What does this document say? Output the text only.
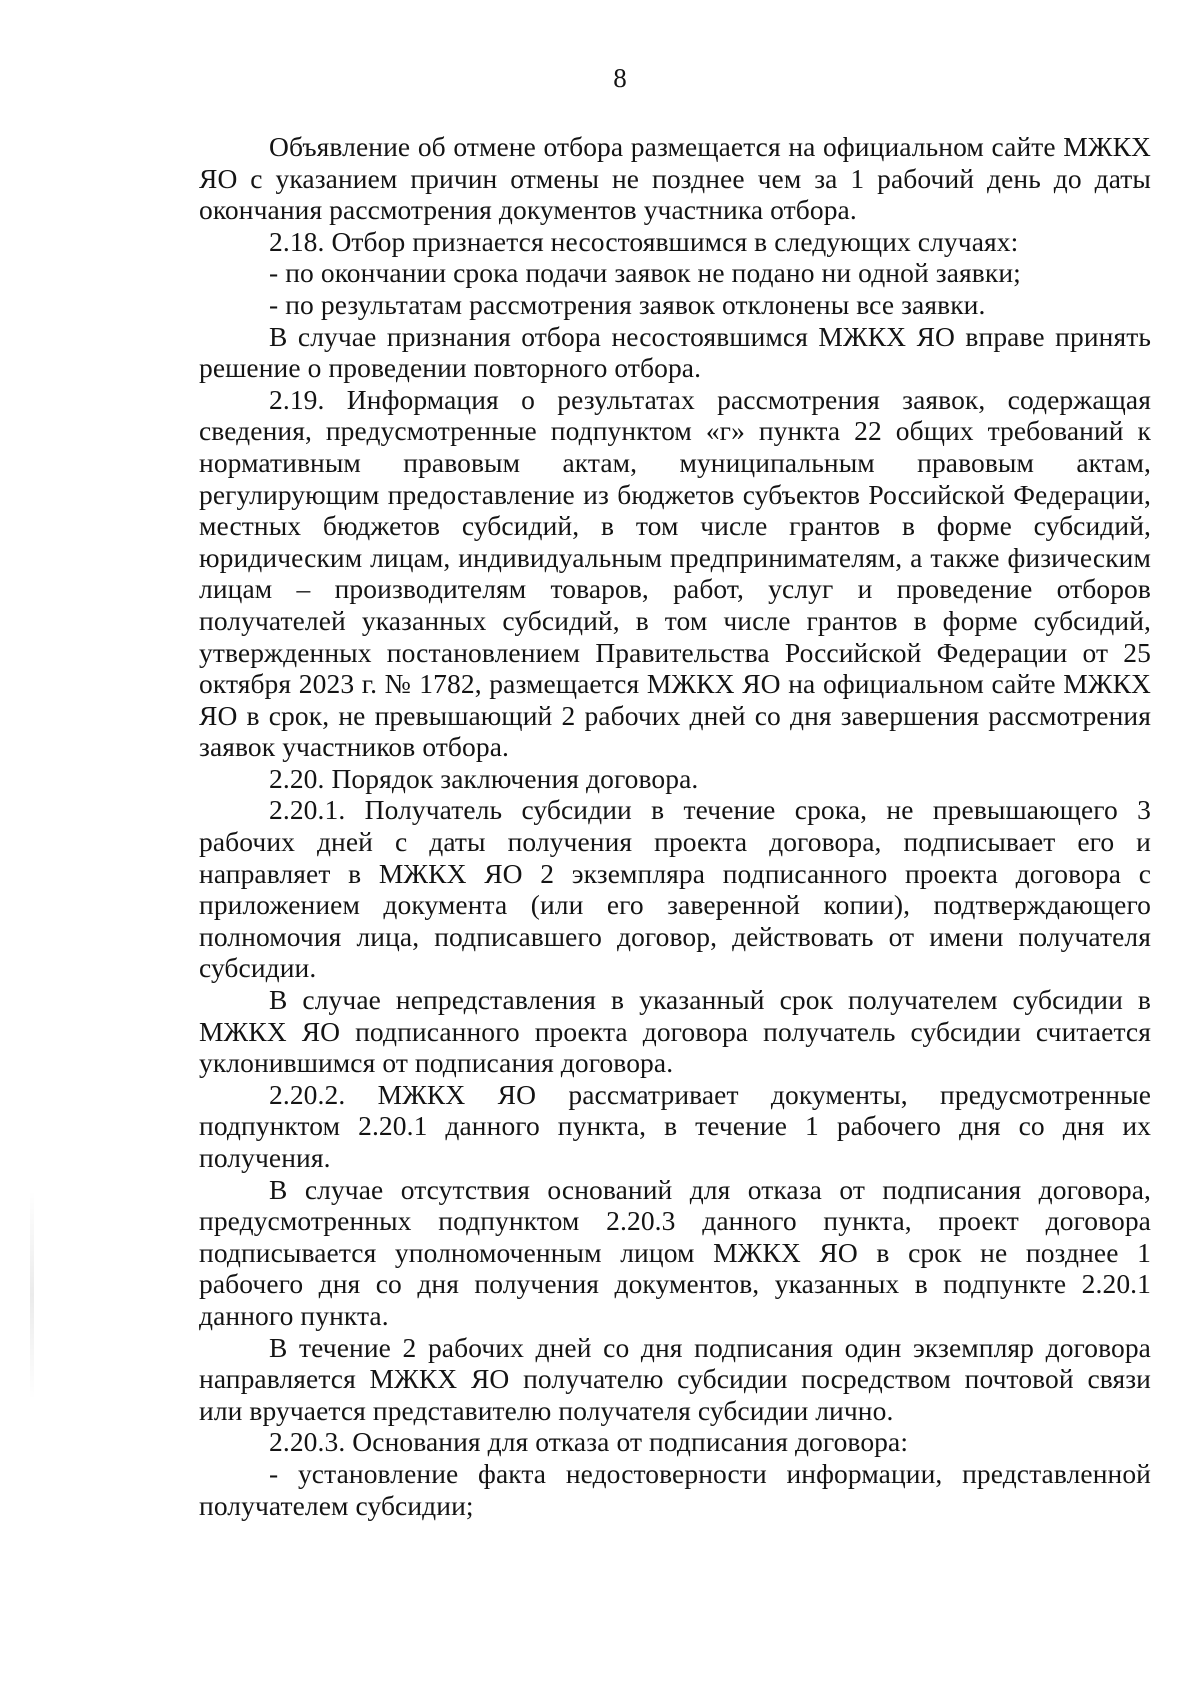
8

Объявление об отмене отбора размещается на официальном сайте МЖКХ ЯО с указанием причин отмены не позднее чем за 1 рабочий день до даты окончания рассмотрения документов участника отбора.

2.18. Отбор признается несостоявшимся в следующих случаях:

- по окончании срока подачи заявок не подано ни одной заявки;

- по результатам рассмотрения заявок отклонены все заявки.

В случае признания отбора несостоявшимся МЖКХ ЯО вправе принять решение о проведении повторного отбора.

2.19. Информация о результатах рассмотрения заявок, содержащая сведения, предусмотренные подпунктом «г» пункта 22 общих требований к нормативным правовым актам, муниципальным правовым актам, регулирующим предоставление из бюджетов субъектов Российской Федерации, местных бюджетов субсидий, в том числе грантов в форме субсидий, юридическим лицам, индивидуальным предпринимателям, а также физическим лицам – производителям товаров, работ, услуг и проведение отборов получателей указанных субсидий, в том числе грантов в форме субсидий, утвержденных постановлением Правительства Российской Федерации от 25 октября 2023 г. № 1782, размещается МЖКХ ЯО на официальном сайте МЖКХ ЯО в срок, не превышающий 2 рабочих дней со дня завершения рассмотрения заявок участников отбора.

2.20. Порядок заключения договора.

2.20.1. Получатель субсидии в течение срока, не превышающего 3 рабочих дней с даты получения проекта договора, подписывает его и направляет в МЖКХ ЯО 2 экземпляра подписанного проекта договора с приложением документа (или его заверенной копии), подтверждающего полномочия лица, подписавшего договор, действовать от имени получателя субсидии.

В случае непредставления в указанный срок получателем субсидии в МЖКХ ЯО подписанного проекта договора получатель субсидии считается уклонившимся от подписания договора.

2.20.2. МЖКХ ЯО рассматривает документы, предусмотренные подпунктом 2.20.1 данного пункта, в течение 1 рабочего дня со дня их получения.

В случае отсутствия оснований для отказа от подписания договора, предусмотренных подпунктом 2.20.3 данного пункта, проект договора подписывается уполномоченным лицом МЖКХ ЯО в срок не позднее 1 рабочего дня со дня получения документов, указанных в подпункте 2.20.1 данного пункта.

В течение 2 рабочих дней со дня подписания один экземпляр договора направляется МЖКХ ЯО получателю субсидии посредством почтовой связи или вручается представителю получателя субсидии лично.

2.20.3. Основания для отказа от подписания договора:

- установление факта недостоверности информации, представленной получателем субсидии;
